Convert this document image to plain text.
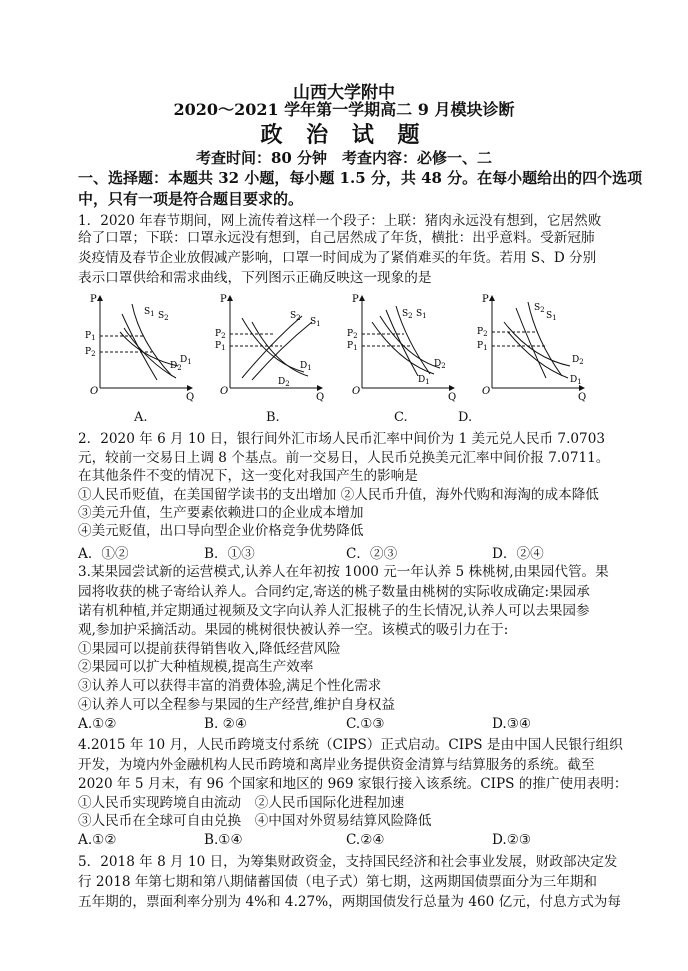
山西大学附中
2020～2021 学年第一学期高二 9 月模块诊断
政 治 试 题
考查时间：80 分钟　考查内容：必修一、二
一、选择题：本题共 32 小题，每小题 1.5 分，共 48 分。在每小题给出的四个选项
中，只有一项是符合题目要求的。
1．2020 年春节期间，网上流传着这样一个段子：上联：猪肉永远没有想到，它居然败
给了口罩；下联：口罩永远没有想到，自己居然成了年货，横批：出乎意料。受新冠肺
炎疫情及春节企业放假减产影响，口罩一时间成为了紧俏难买的年货。若用 S、D 分别
表示口罩供给和需求曲线，下列图示正确反映这一现象的是
P
O
Q
$P_1$
$P_2$
$S_1$ $S_2$
$D_2$
$D_1$
P
O
Q
$P_2$
$P_1$
$S_2$ $S_1$
$D_1$
$D_2$
P
O
Q
$P_2$
$P_1$
$S_2$ $S_1$
$D_2$
$D_1$
P
O
Q
$P_2$
$P_1$
$S_2$
$S_1$
$D_2$
$D_1$
A.	B.	C.	D.
2．2020 年 6 月 10 日，银行间外汇市场人民币汇率中间价为 1 美元兑人民币 7.0703
元，较前一交易日上调 8 个基点。前一交易日，人民币兑换美元汇率中间价报 7.0711。
在其他条件不变的情况下，这一变化对我国产生的影响是
①人民币贬值，在美国留学读书的支出增加 ②人民币升值，海外代购和海淘的成本降低
③美元升值，生产要素依赖进口的企业成本增加
④美元贬值，出口导向型企业价格竞争优势降低
A．①②	B．①③	C．②③	D．②④
3.某果园尝试新的运营模式,认养人在年初按 1000 元一年认养 5 株桃树,由果园代管。果
园将收获的桃子寄给认养人。合同约定,寄送的桃子数量由桃树的实际收成确定:果园承
诺有机种植,并定期通过视频及文字向认养人汇报桃子的生长情况,认养人可以去果园参
观,参加护采摘活动。果园的桃树很快被认养一空。该模式的吸引力在于:
①果园可以提前获得销售收入,降低经营风险
②果园可以扩大种植规模,提高生产效率
③认养人可以获得丰富的消费体验,满足个性化需求
④认养人可以全程参与果园的生产经营,维护自身权益
A.①②	B. ②④	C.①③	D.③④
4.2015 年 10 月，人民币跨境支付系统（CIPS）正式启动。CIPS 是由中国人民银行组织
开发，为境内外金融机构人民币跨境和离岸业务提供资金清算与结算服务的系统。截至
2020 年 5 月末，有 96 个国家和地区的 969 家银行接入该系统。CIPS 的推广使用表明：
①人民币实现跨境自由流动　②人民币国际化进程加速
③人民币在全球可自由兑换　④中国对外贸易结算风险降低
A.①②	B.①④	C.②④	D.②③
5．2018 年 8 月 10 日，为筹集财政资金，支持国民经济和社会事业发展，财政部决定发
行 2018 年第七期和第八期储蓄国债（电子式）第七期，这两期国债票面分为三年期和
五年期的，票面利率分别为 4%和 4.27%，两期国债发行总量为 460 亿元，付息方式为每
